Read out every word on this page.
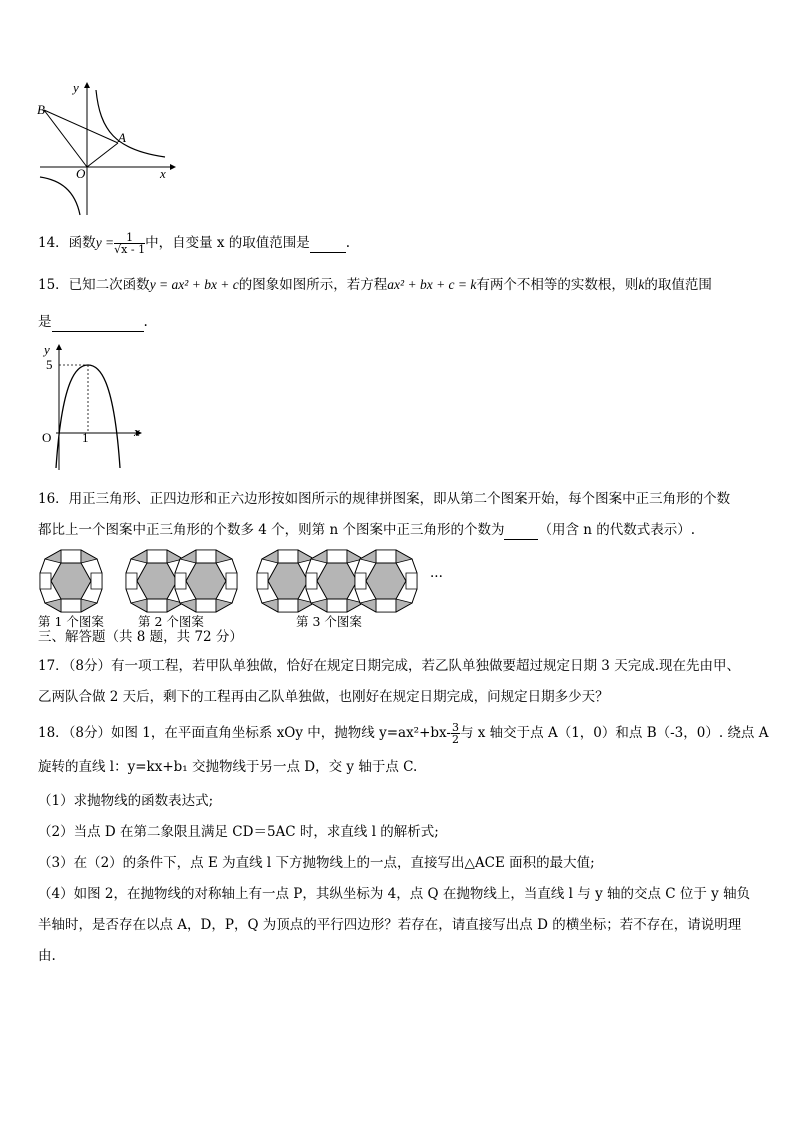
y
B
A
O	x
14．函数$y = \frac{1}{√x - 1}$ 中，自变量 x 的取值范围是	.
15．已知二次函数y = ax² + bx + c的图象如图所示，若方程ax² + bx + c = k有两个不相等的实数根，则k的取值范围
是	.
y
5
O 1	x
16．用正三角形、正四边形和正六边形按如图所示的规律拼图案，即从第二个图案开始，每个图案中正三角形的个数
都比上一个图案中正三角形的个数多 4 个，则第 n 个图案中正三角形的个数为	（用含 n 的代数式表示）.
···
第 1 个图案	第 2 个图案	第 3 个图案
三、解答题（共 8 题，共 72 分）
17．（8分）有一项工程，若甲队单独做，恰好在规定日期完成，若乙队单独做要超过规定日期 3 天完成.现在先由甲、
乙两队合做 2 天后，剩下的工程再由乙队单独做，也刚好在规定日期完成，问规定日期多少天？
18．（8分）如图 1，在平面直角坐标系 xOy 中，抛物线 $y=ax^2+bx- \frac{3}{2}$ 与 x 轴交于点 A（1，0）和点 B（-3，0）. 绕点 A
旋转的直线 l：y=kx+b₁ 交抛物线于另一点 D，交 y 轴于点 C.
（1）求抛物线的函数表达式;
（2）当点 D 在第二象限且满足 CD＝5AC 时，求直线 l 的解析式;
（3）在（2）的条件下，点 E 为直线 l 下方抛物线上的一点，直接写出△ACE 面积的最大值;
（4）如图 2，在抛物线的对称轴上有一点 P，其纵坐标为 4，点 Q 在抛物线上，当直线 l 与 y 轴的交点 C 位于 y 轴负
半轴时，是否存在以点 A，D，P，Q 为顶点的平行四边形？若存在，请直接写出点 D 的横坐标；若不存在，请说明理
由.
